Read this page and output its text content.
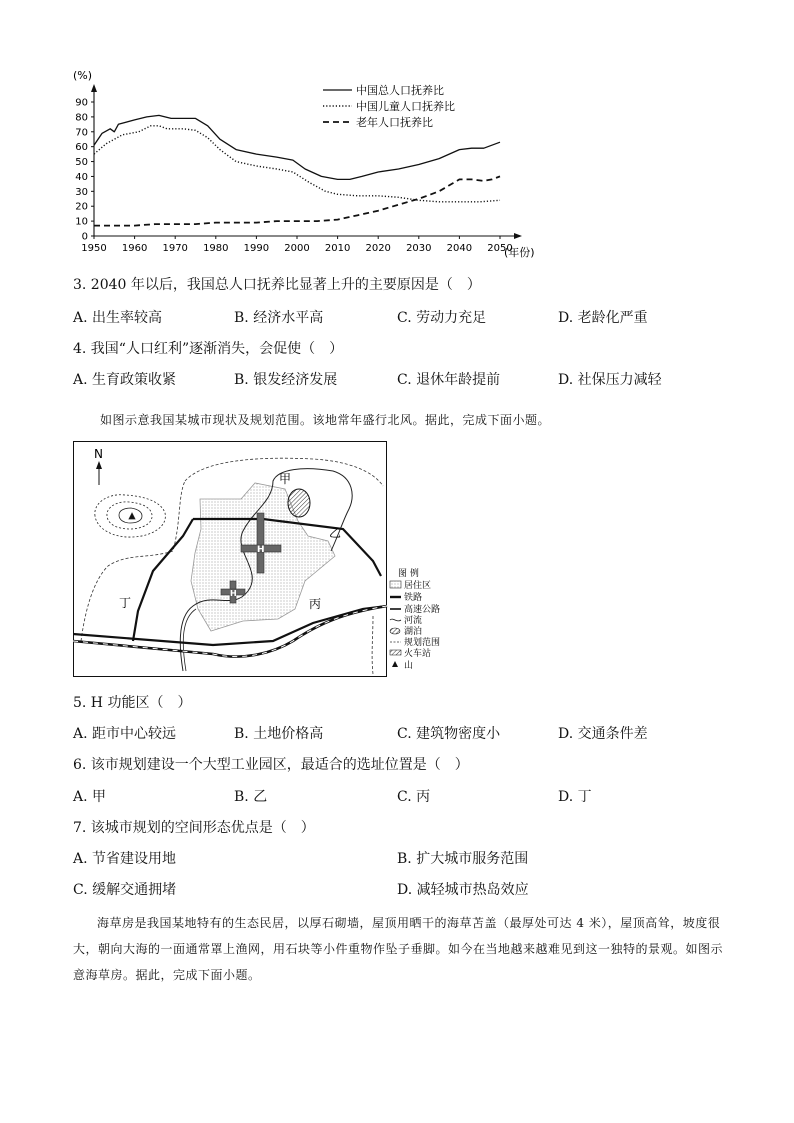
(%)
1950 1960 1970 1980 1990 2000 2010 2020 2030 2040 2050
0
10
20
30
40
50
60
70
80
90
(年份)
中国总人口抚养比
中国儿童人口抚养比
老年人口抚养比
3. 2040 年以后，我国总人口抚养比显著上升的主要原因是（　）
A. 出生率较高	B. 经济水平高	C. 劳动力充足	D. 老龄化严重
4. 我国“人口红利”逐渐消失，会促使（　）
A. 生育政策收紧	B. 银发经济发展	C. 退休年龄提前	D. 社保压力减轻
如图示意我国某城市现状及规划范围。该地常年盛行北风。据此，完成下面小题。
N
H
H
甲
乙
丙
丁
图 例
居住区
铁路
高速公路
河流
湖泊
规划范围
火车站
山
5. H 功能区（　）
A. 距市中心较远	B. 土地价格高	C. 建筑物密度小	D. 交通条件差
6. 该市规划建设一个大型工业园区，最适合的选址位置是（　）
A. 甲	B. 乙	C. 丙	D. 丁
7. 该城市规划的空间形态优点是（　）
A. 节省建设用地	B. 扩大城市服务范围
C. 缓解交通拥堵	D. 减轻城市热岛效应
海草房是我国某地特有的生态民居，以厚石砌墙，屋顶用晒干的海草苫盖（最厚处可达 4 米），屋顶高耸，坡度很大，朝向大海的一面通常罩上渔网，用石块等小件重物作坠子垂脚。如今在当地越来越难见到这一独特的景观。如图示意海草房。据此，完成下面小题。
